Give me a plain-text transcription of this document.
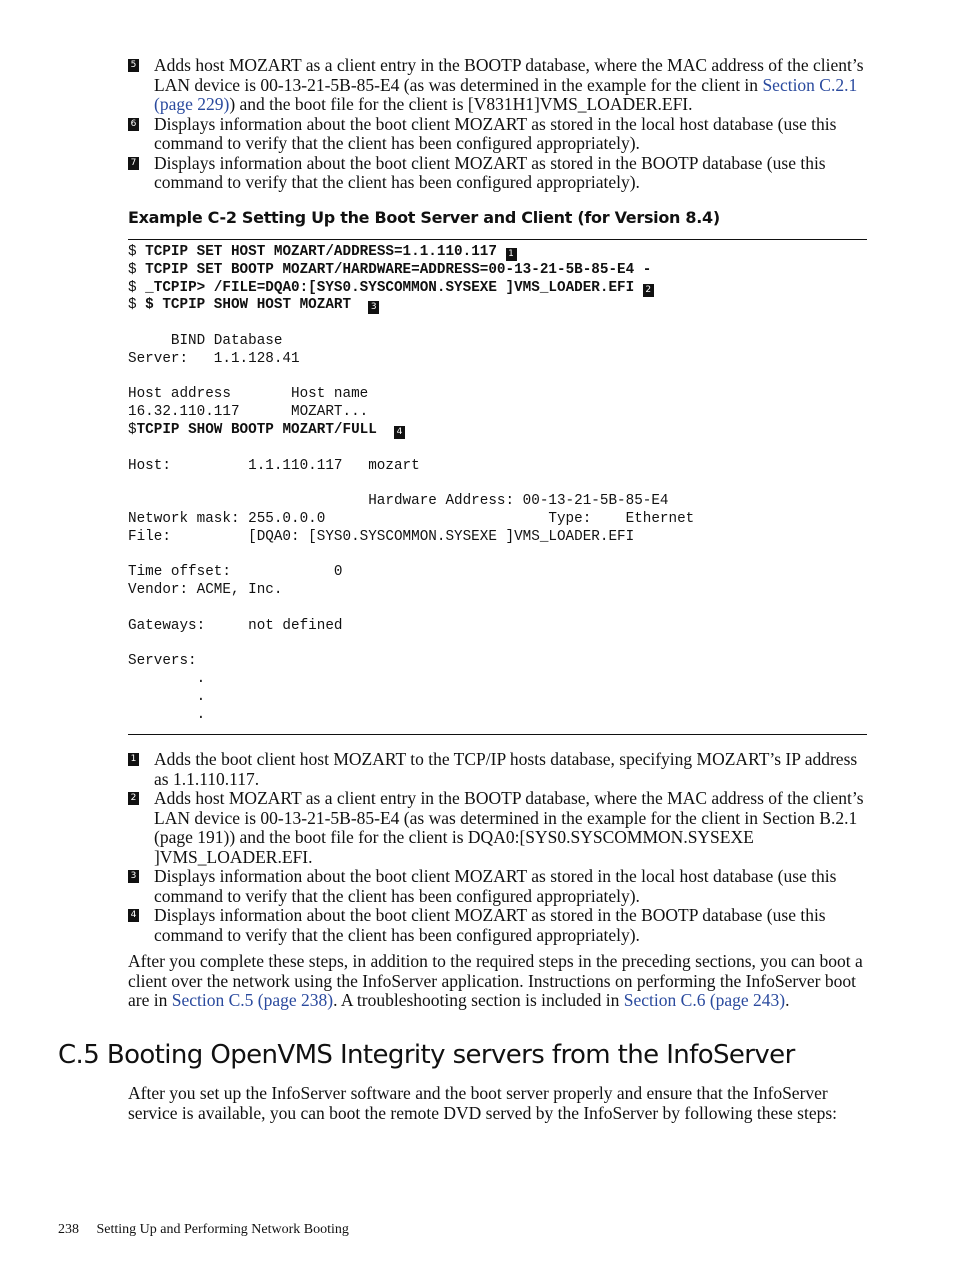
5 Adds host MOZART as a client entry in the BOOTP database, where the MAC address of the client’s LAN device is 00-13-21-5B-85-E4 (as was determined in the example for the client in Section C.2.1 (page 229)) and the boot file for the client is [V831H1]VMS_LOADER.EFI.
6 Displays information about the boot client MOZART as stored in the local host database (use this command to verify that the client has been configured appropriately).
7 Displays information about the boot client MOZART as stored in the BOOTP database (use this command to verify that the client has been configured appropriately).
Example C-2 Setting Up the Boot Server and Client (for Version 8.4)
$ TCPIP SET HOST MOZART/ADDRESS=1.1.110.117 1
$ TCPIP SET BOOTP MOZART/HARDWARE=ADDRESS=00-13-21-5B-85-E4 -
$ _TCPIP> /FILE=DQA0:[SYS0.SYSCOMMON.SYSEXE ]VMS_LOADER.EFI 2
$ $ TCPIP SHOW HOST MOZART  3

BIND Database
Server:   1.1.128.41

Host address       Host name
16.32.110.117      MOZART...
$TCPIP SHOW BOOTP MOZART/FULL  4

Host:         1.1.110.117   mozart

Hardware Address: 00-13-21-5B-85-E4
Network mask: 255.0.0.0                          Type:    Ethernet
File:         [DQA0: [SYS0.SYSCOMMON.SYSEXE ]VMS_LOADER.EFI

Time offset:            0
Vendor: ACME, Inc.

Gateways:     not defined

Servers:
.
.
.

1 Adds the boot client host MOZART to the TCP/IP hosts database, specifying MOZART’s IP address as 1.1.110.117.
2 Adds host MOZART as a client entry in the BOOTP database, where the MAC address of the client’s LAN device is 00-13-21-5B-85-E4 (as was determined in the example for the client in Section B.2.1 (page 191)) and the boot file for the client is DQA0:[SYS0.SYSCOMMON.SYSEXE ]VMS_LOADER.EFI.
3 Displays information about the boot client MOZART as stored in the local host database (use this command to verify that the client has been configured appropriately).
4 Displays information about the boot client MOZART as stored in the BOOTP database (use this command to verify that the client has been configured appropriately).
After you complete these steps, in addition to the required steps in the preceding sections, you can boot a client over the network using the InfoServer application. Instructions on performing the InfoServer boot are in Section C.5 (page 238). A troubleshooting section is included in Section C.6 (page 243).
C.5 Booting OpenVMS Integrity servers from the InfoServer
After you set up the InfoServer software and the boot server properly and ensure that the InfoServer service is available, you can boot the remote DVD served by the InfoServer by following these steps:
238 Setting Up and Performing Network Booting
